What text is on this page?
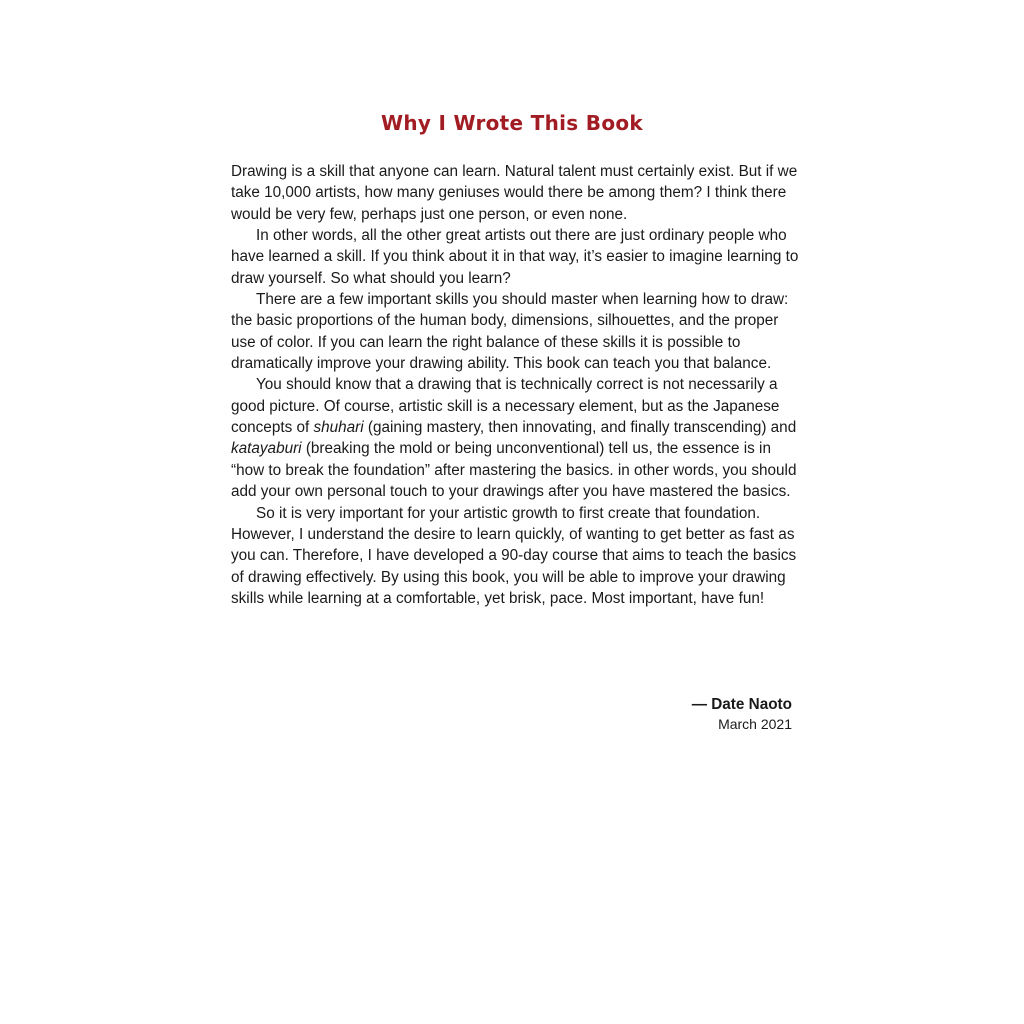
Why I Wrote This Book

Drawing is a skill that anyone can learn. Natural talent must certainly exist. But if we take 10,000 artists, how many geniuses would there be among them? I think there would be very few, perhaps just one person, or even none.

In other words, all the other great artists out there are just ordinary people who have learned a skill. If you think about it in that way, it’s easier to imagine learning to draw yourself. So what should you learn?

There are a few important skills you should master when learning how to draw: the basic proportions of the human body, dimensions, silhouettes, and the proper use of color. If you can learn the right balance of these skills it is possible to dramatically improve your drawing ability. This book can teach you that balance.

You should know that a drawing that is technically correct is not necessarily a good picture. Of course, artistic skill is a necessary element, but as the Japanese concepts of shuhari (gaining mastery, then innovating, and finally transcending) and katayaburi (breaking the mold or being unconventional) tell us, the essence is in “how to break the foundation” after mastering the basics. in other words, you should add your own personal touch to your drawings after you have mastered the basics.

So it is very important for your artistic growth to first create that foundation. However, I understand the desire to learn quickly, of wanting to get better as fast as you can. Therefore, I have developed a 90-day course that aims to teach the basics of drawing effectively. By using this book, you will be able to improve your drawing skills while learning at a comfortable, yet brisk, pace. Most important, have fun!

— Date Naoto
March 2021
